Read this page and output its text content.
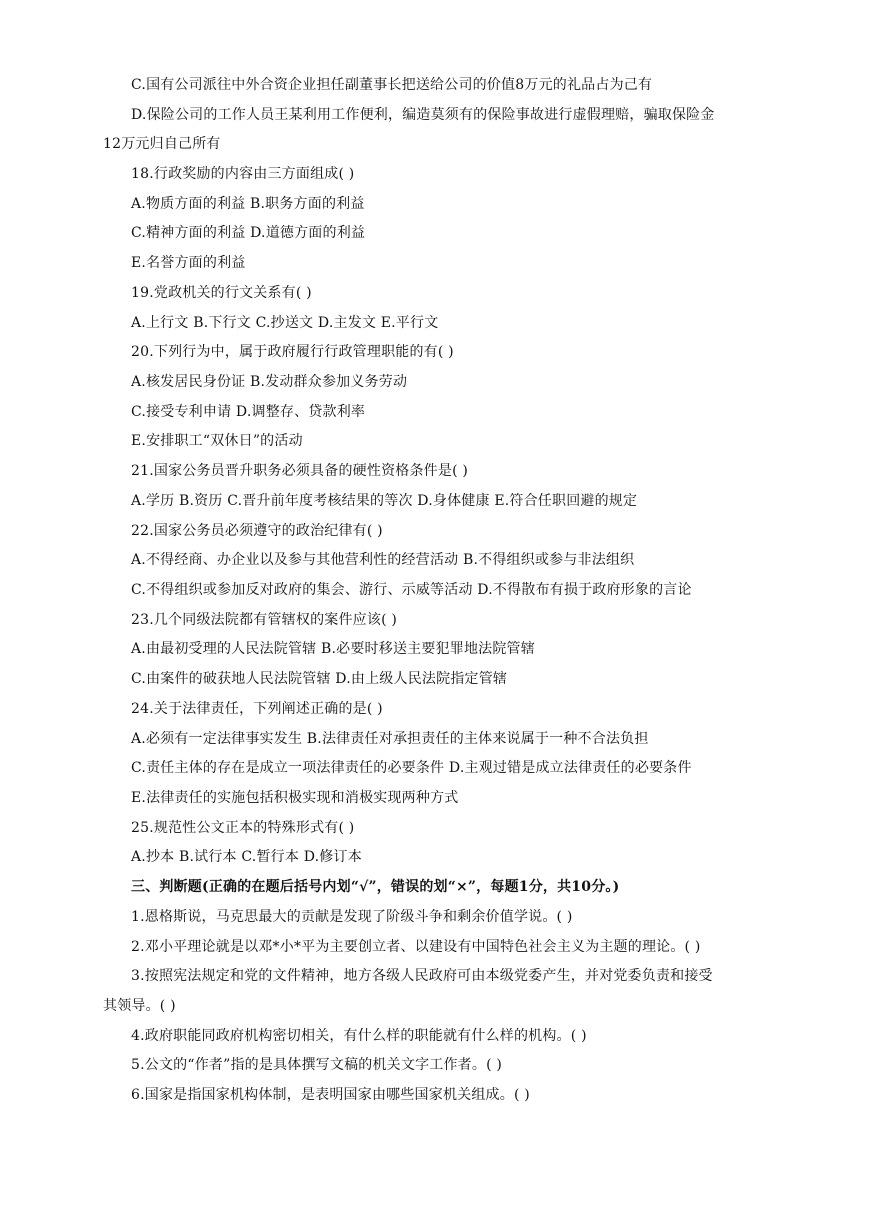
C.国有公司派往中外合资企业担任副董事长把送给公司的价值8万元的礼品占为己有
D.保险公司的工作人员王某利用工作便利，编造莫须有的保险事故进行虚假理赔，骗取保险金
12万元归自己所有
18.行政奖励的内容由三方面组成( )
A.物质方面的利益 B.职务方面的利益
C.精神方面的利益 D.道德方面的利益
E.名誉方面的利益
19.党政机关的行文关系有( )
A.上行文 B.下行文 C.抄送文 D.主发文 E.平行文
20.下列行为中，属于政府履行行政管理职能的有( )
A.核发居民身份证 B.发动群众参加义务劳动
C.接受专利申请 D.调整存、贷款利率
E.安排职工“双休日”的活动
21.国家公务员晋升职务必须具备的硬性资格条件是( )
A.学历 B.资历 C.晋升前年度考核结果的等次 D.身体健康 E.符合任职回避的规定
22.国家公务员必须遵守的政治纪律有( )
A.不得经商、办企业以及参与其他营利性的经营活动 B.不得组织或参与非法组织
C.不得组织或参加反对政府的集会、游行、示威等活动 D.不得散布有损于政府形象的言论
23.几个同级法院都有管辖权的案件应该( )
A.由最初受理的人民法院管辖 B.必要时移送主要犯罪地法院管辖
C.由案件的破获地人民法院管辖 D.由上级人民法院指定管辖
24.关于法律责任，下列阐述正确的是( )
A.必须有一定法律事实发生 B.法律责任对承担责任的主体来说属于一种不合法负担
C.责任主体的存在是成立一项法律责任的必要条件 D.主观过错是成立法律责任的必要条件
E.法律责任的实施包括积极实现和消极实现两种方式
25.规范性公文正本的特殊形式有( )
A.抄本 B.试行本 C.暂行本 D.修订本
三、判断题(正确的在题后括号内划“√”，错误的划“×”，每题1分，共10分。)
1.恩格斯说，马克思最大的贡献是发现了阶级斗争和剩余价值学说。( )
2.邓小平理论就是以邓*小*平为主要创立者、以建设有中国特色社会主义为主题的理论。( )
3.按照宪法规定和党的文件精神，地方各级人民政府可由本级党委产生，并对党委负责和接受
其领导。( )
4.政府职能同政府机构密切相关，有什么样的职能就有什么样的机构。( )
5.公文的“作者”指的是具体撰写文稿的机关文字工作者。( )
6.国家是指国家机构体制，是表明国家由哪些国家机关组成。( )
